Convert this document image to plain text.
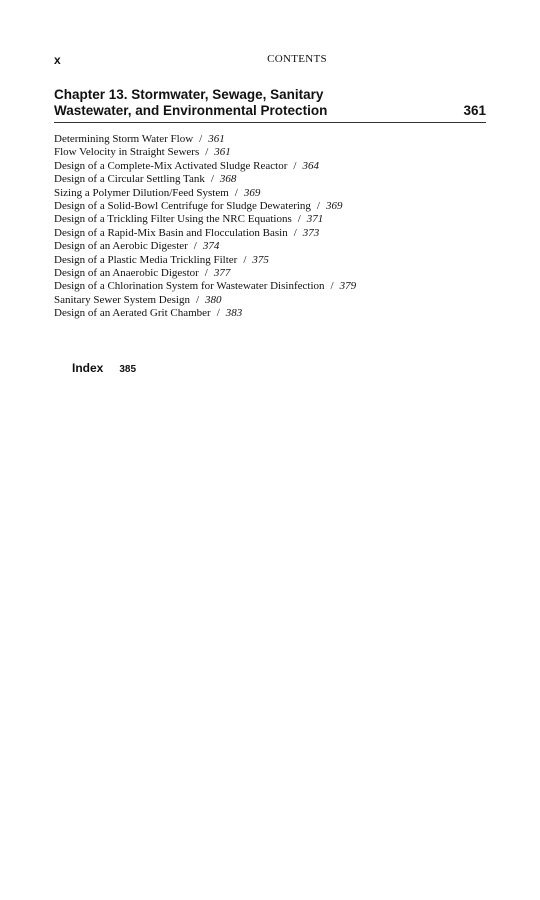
x	CONTENTS
Chapter 13. Stormwater, Sewage, Sanitary
Wastewater, and Environmental Protection	361
Determining Storm Water Flow / 361
Flow Velocity in Straight Sewers / 361
Design of a Complete-Mix Activated Sludge Reactor / 364
Design of a Circular Settling Tank / 368
Sizing a Polymer Dilution/Feed System / 369
Design of a Solid-Bowl Centrifuge for Sludge Dewatering / 369
Design of a Trickling Filter Using the NRC Equations / 371
Design of a Rapid-Mix Basin and Flocculation Basin / 373
Design of an Aerobic Digester / 374
Design of a Plastic Media Trickling Filter / 375
Design of an Anaerobic Digestor / 377
Design of a Chlorination System for Wastewater Disinfection / 379
Sanitary Sewer System Design / 380
Design of an Aerated Grit Chamber / 383
Index 385
